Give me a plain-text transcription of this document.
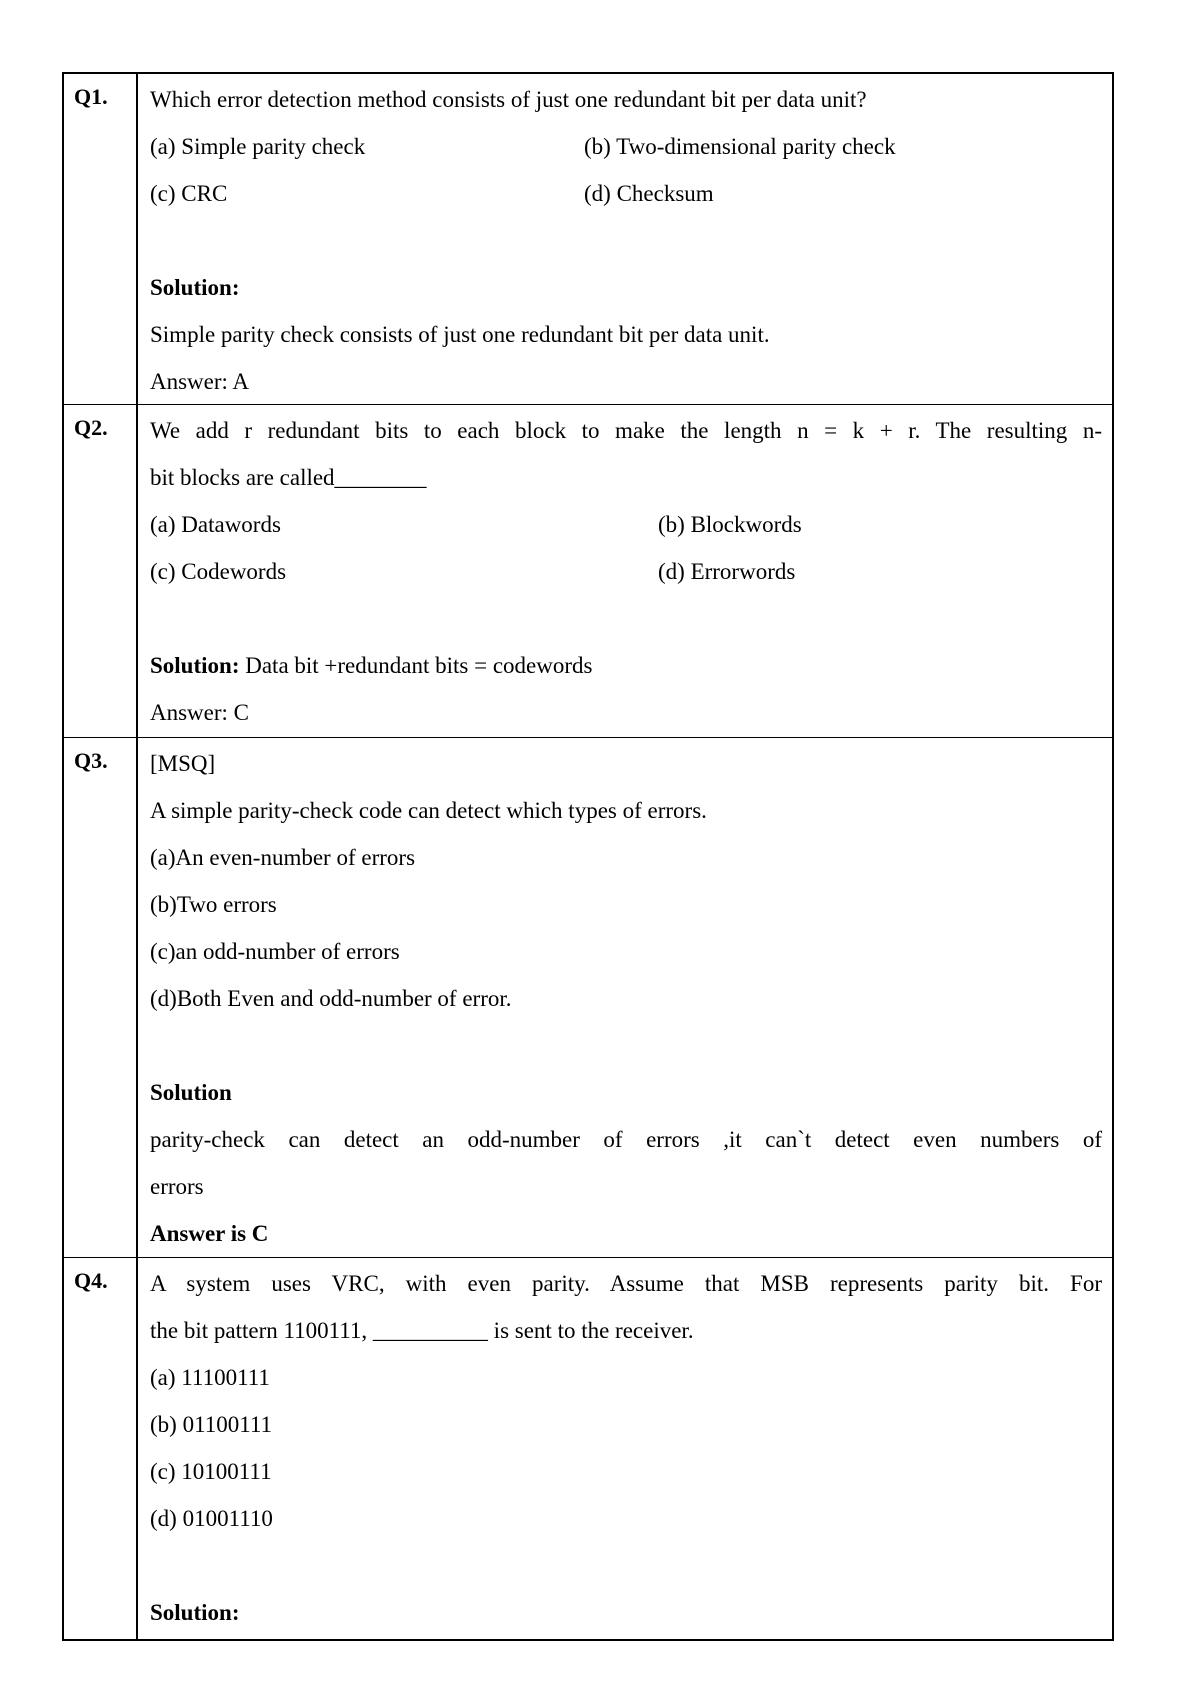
Q1.	Which error detection method consists of just one redundant bit per data unit?
(a) Simple parity check	(b) Two-dimensional parity check
(c) CRC	(d) Checksum
Solution:
Simple parity check consists of just one redundant bit per data unit.
Answer: A
Q2.	We add r redundant bits to each block to make the length n = k + r. The resulting n-
bit blocks are called________
(a) Datawords	(b) Blockwords
(c) Codewords	(d) Errorwords
Solution: Data bit +redundant bits = codewords
Answer: C
Q3.	[MSQ]
A simple parity-check code can detect which types of errors.
(a)An even-number of errors
(b)Two errors
(c)an odd-number of errors
(d)Both Even and odd-number of error.
Solution
parity-check can detect an odd-number of errors ,it can`t detect even numbers of
errors
Answer is C
Q4.	A system uses VRC, with even parity. Assume that MSB represents parity bit. For
the bit pattern 1100111, __________ is sent to the receiver.
(a) 11100111
(b) 01100111
(c) 10100111
(d) 01001110
Solution:
